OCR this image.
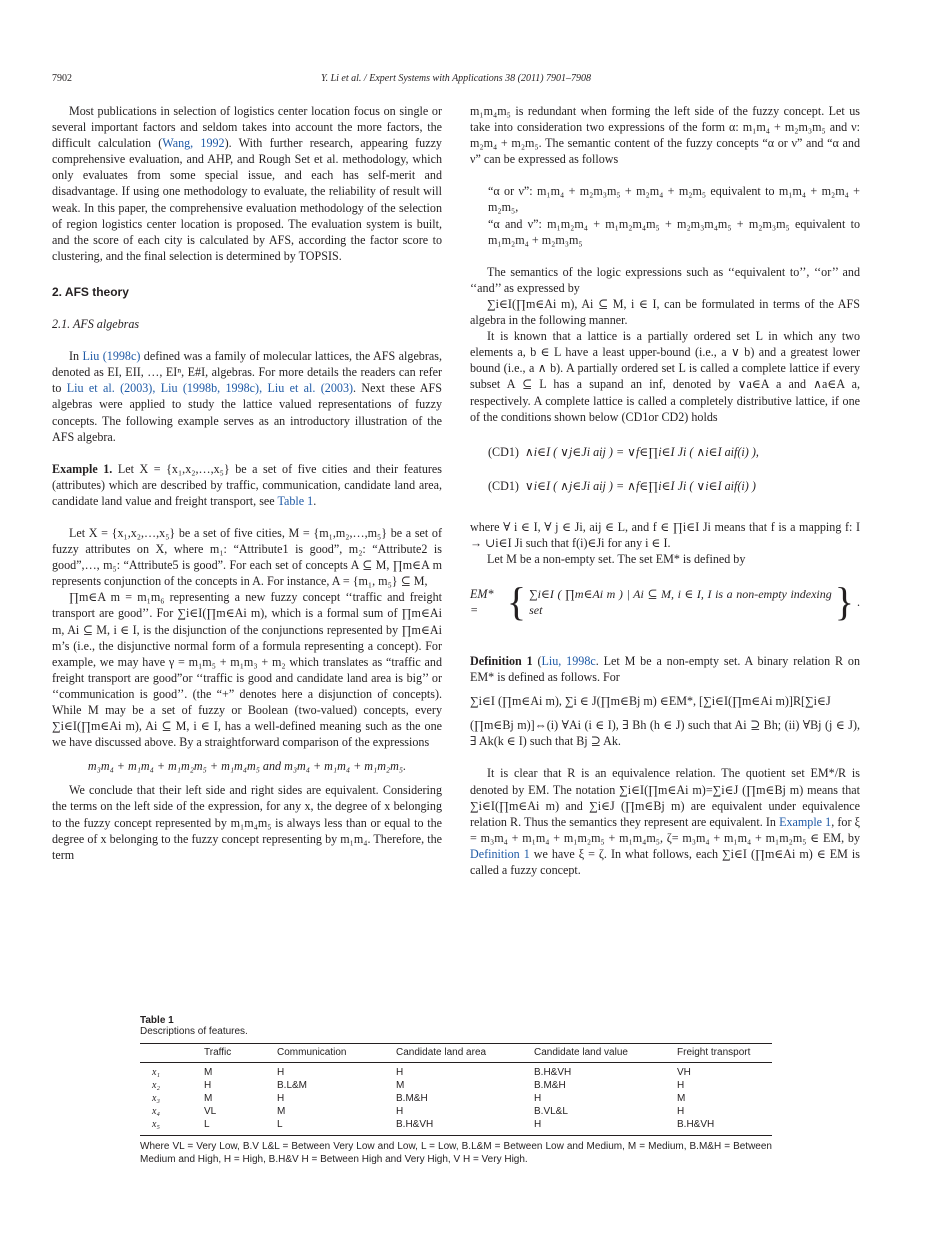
7902	Y. Li et al. / Expert Systems with Applications 38 (2011) 7901–7908

Most publications in selection of logistics center location focus on single or several important factors and seldom takes into account the more factors, the difficult calculation (Wang, 1992). With further research, appearing fuzzy comprehensive evaluation, and AHP, and Rough Set et al. methodology, which only evaluates from some special issue, and each has self-merit and disadvantage. If using one methodology to evaluate, the reliability of result will weak. In this paper, the comprehensive evaluation methodology of the selection of region logistics center location is proposed. The evaluation system is built, and the score of each city is calculated by AFS, according the factor score to clustering, and the final selection is determined by TOPSIS.

2. AFS theory
2.1. AFS algebras

In Liu (1998c) defined was a family of molecular lattices, the AFS algebras, denoted as EI, EII, …, EIⁿ, E#I, algebras. For more details the readers can refer to Liu et al. (2003), Liu (1998b, 1998c), Liu et al. (2003). Next these AFS algebras were applied to study the lattice valued representations of fuzzy concepts. The following example serves as an introductory illustration of the AFS algebra.

Example 1. Let X = {x₁,x₂,…,x₅} be a set of five cities and their features (attributes) which are described by traffic, communication, candidate land area, candidate land value and freight transport, see Table 1.

Let X = {x₁,x₂,…,x₅} be a set of five cities, M = {m₁,m₂,…,m₅} be a set of fuzzy attributes on X, where m₁: “Attribute1 is good”, m₂: “Attribute2 is good”,…, m₅: “Attribute5 is good”. For each set of concepts A ⊆ M, ∏m∈A m represents conjunction of the concepts in A. For instance, A = {m₁, m₅} ⊆ M,

∏m∈A m = m₁m₆ representing a new fuzzy concept ‘‘traffic and freight transport are good’’. For ∑i∈I(∏m∈Ai m), which is a formal sum of ∏m∈Ai m, Ai ⊆ M, i ∈ I, is the disjunction of the conjunctions represented by ∏m∈Ai m’s (i.e., the disjunctive normal form of a formula representing a concept). For example, we may have γ = m₁m₅ + m₁m₃ + m₂ which translates as “traffic and freight transport are good”or ‘‘traffic is good and candidate land area is big’’ or ‘‘communication is good’’. (the “+” denotes here a disjunction of concepts). While M may be a set of fuzzy or Boolean (two-valued) concepts, every ∑i∈I(∏m∈Ai m), Ai ⊆ M, i ∈ I, has a well-defined meaning such as the one we have discussed above. By a straightforward comparison of the expressions

m₃m₄ + m₁m₄ + m₁m₂m₅ + m₁m₄m₅ and m₃m₄ + m₁m₄ + m₁m₂m₅.

We conclude that their left side and right sides are equivalent. Considering the terms on the left side of the expression, for any x, the degree of x belonging to the fuzzy concept represented by m₁m₄m₅ is always less than or equal to the degree of x belonging to the fuzzy concept representing by m₁m₄. Therefore, the term

m₁m₄m₅ is redundant when forming the left side of the fuzzy concept. Let us take into consideration two expressions of the form α: m₁m₄ + m₂m₃m₅ and ν: m₂m₄ + m₂m₅. The semantic content of the fuzzy concepts “α or ν” and “α and ν” can be expressed as follows

“α or ν”: m₁m₄ + m₂m₃m₅ + m₂m₄ + m₂m₅ equivalent to m₁m₄ + m₂m₄ + m₂m₅,

“α and ν”: m₁m₂m₄ + m₁m₂m₄m₅ + m₂m₃m₄m₅ + m₂m₃m₅ equivalent to m₁m₂m₄ + m₂m₃m₅

The semantics of the logic expressions such as ‘‘equivalent to’’, ‘‘or’’ and ‘‘and’’ as expressed by

∑i∈I(∏m∈Ai m), Ai ⊆ M, i ∈ I, can be formulated in terms of the AFS algebra in the following manner.

It is known that a lattice is a partially ordered set L in which any two elements a, b ∈ L have a least upper-bound (i.e., a ∨ b) and a greatest lower bound (i.e., a ∧ b). A partially ordered set L is called a complete lattice if every subset A ⊆ L has a supand an inf, denoted by ∨a∈A a and ∧a∈A a, respectively. A complete lattice is called a completely distributive lattice, if one of the conditions shown below (CD1or CD2) holds

(CD1) ∧i∈I ( ∨j∈Ji aij )
= ∨f∈∏i∈I Ji ( ∧i∈I aif(i) ),
(CD1) ∨i∈I ( ∧j∈Ji aij )
= ∧f∈∏i∈I Ji ( ∨i∈I aif(i) )

where ∀ i ∈ I, ∀ j ∈ Ji, aij ∈ L, and f ∈ ∏i∈I Ji means that f is a mapping f: I → ∪i∈I Ji such that f(i)∈Ji for any i ∈ I.

Let M be a non-empty set. The set EM* is defined by

EM* = { ∑i∈I ( ∏m∈Ai m ) | Ai ⊆ M, i ∈ I, I is a non-empty indexing set	} .

Definition 1 (Liu, 1998c. Let M be a non-empty set. A binary relation R on EM* is defined as follows. For

∑i∈I (∏m∈Ai m), ∑i ∈ J(∏m∈Bj m) ∈EM*, [∑i∈I(∏m∈Ai m)]R[∑i∈J

(∏m∈Bj m)]⇔(i) ∀Ai (i ∈ I), ∃ Bh (h ∈ J) such that Ai ⊇ Bh; (ii) ∀Bj (j ∈ J), ∃ Ak(k ∈ I) such that Bj ⊇ Ak.

It is clear that R is an equivalence relation. The quotient set EM*/R is denoted by EM. The notation ∑i∈I(∏m∈Ai m)=∑i∈J (∏m∈Bj m) means that ∑i∈I(∏m∈Ai m) and ∑i∈J (∏m∈Bj m) are equivalent under equivalence relation R. Thus the semantics they represent are equivalent. In Example 1, for ξ = m₃m₄ + m₁m₄ + m₁m₂m₅ + m₁m₄m₅, ζ= m₃m₄ + m₁m₄ + m₁m₂m₅ ∈ EM, by Definition 1 we have ξ = ζ. In what follows, each ∑i∈I (∏m∈Ai m) ∈ EM is called a fuzzy concept.

Table 1
Descriptions of features.
	Traffic	Communication	Candidate land area	Candidate land value	Freight transport
x₁	M	H	H	B.H&VH	VH
x₂	H	B.L&M	M	B.M&H	H
x₃	M	H	B.M&H	H	M
x₄	VL	M	H	B.VL&L	H
x₅	L	L	B.H&VH	H	B.H&VH
Where VL = Very Low, B.V L&L = Between Very Low and Low, L = Low, B.L&M = Between Low and Medium, M = Medium, B.M&H = Between Medium and High, H = High, B.H&V H = Between High and Very High, V H = Very High.
